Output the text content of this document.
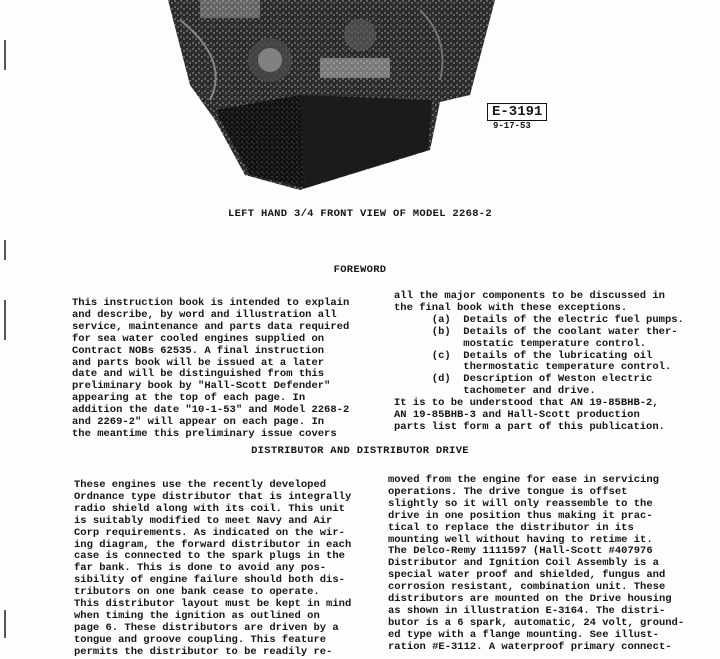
E-3191
9-17-53
LEFT HAND 3/4 FRONT VIEW OF MODEL 2268-2
FOREWORD
This instruction book is intended to explain
and describe, by word and illustration all
service, maintenance and parts data required
for sea water cooled engines supplied on
Contract NOBs 62535. A final instruction
and parts book will be issued at a later
date and will be distinguished from this
preliminary book by "Hall-Scott Defender"
appearing at the top of each page. In
addition the date "10-1-53" and Model 2268-2
and 2269-2" will appear on each page. In
the meantime this preliminary issue covers
all the major components to be discussed in
the final book with these exceptions.
(a)  Details of the electric fuel pumps.
(b)  Details of the coolant water ther-
mostatic temperature control.
(c)  Details of the lubricating oil
thermostatic temperature control.
(d)  Description of Weston electric
tachometer and drive.
It is to be understood that AN 19-85BHB-2,
AN 19-85BHB-3 and Hall-Scott production
parts list form a part of this publication.
DISTRIBUTOR AND DISTRIBUTOR DRIVE
These engines use the recently developed
Ordnance type distributor that is integrally
radio shield along with its coil. This unit
is suitably modified to meet Navy and Air
Corp requirements. As indicated on the wir-
ing diagram, the forward distributor in each
case is connected to the spark plugs in the
far bank. This is done to avoid any pos-
sibility of engine failure should both dis-
tributors on one bank cease to operate.
This distributor layout must be kept in mind
when timing the ignition as outlined on
page 6. These distributors are driven by a
tongue and groove coupling. This feature
permits the distributor to be readily re-
moved from the engine for ease in servicing
operations. The drive tongue is offset
slightly so it will only reassemble to the
drive in one position thus making it prac-
tical to replace the distributor in its
mounting well without having to retime it.
The Delco-Remy 1111597 (Hall-Scott #407976
Distributor and Ignition Coil Assembly is a
special water proof and shielded, fungus and
corrosion resistant, combination unit. These
distributors are mounted on the Drive housing
as shown in illustration E-3164. The distri-
butor is a 6 spark, automatic, 24 volt, ground-
ed type with a flange mounting. See illust-
ration #E-3112. A waterproof primary connect-
